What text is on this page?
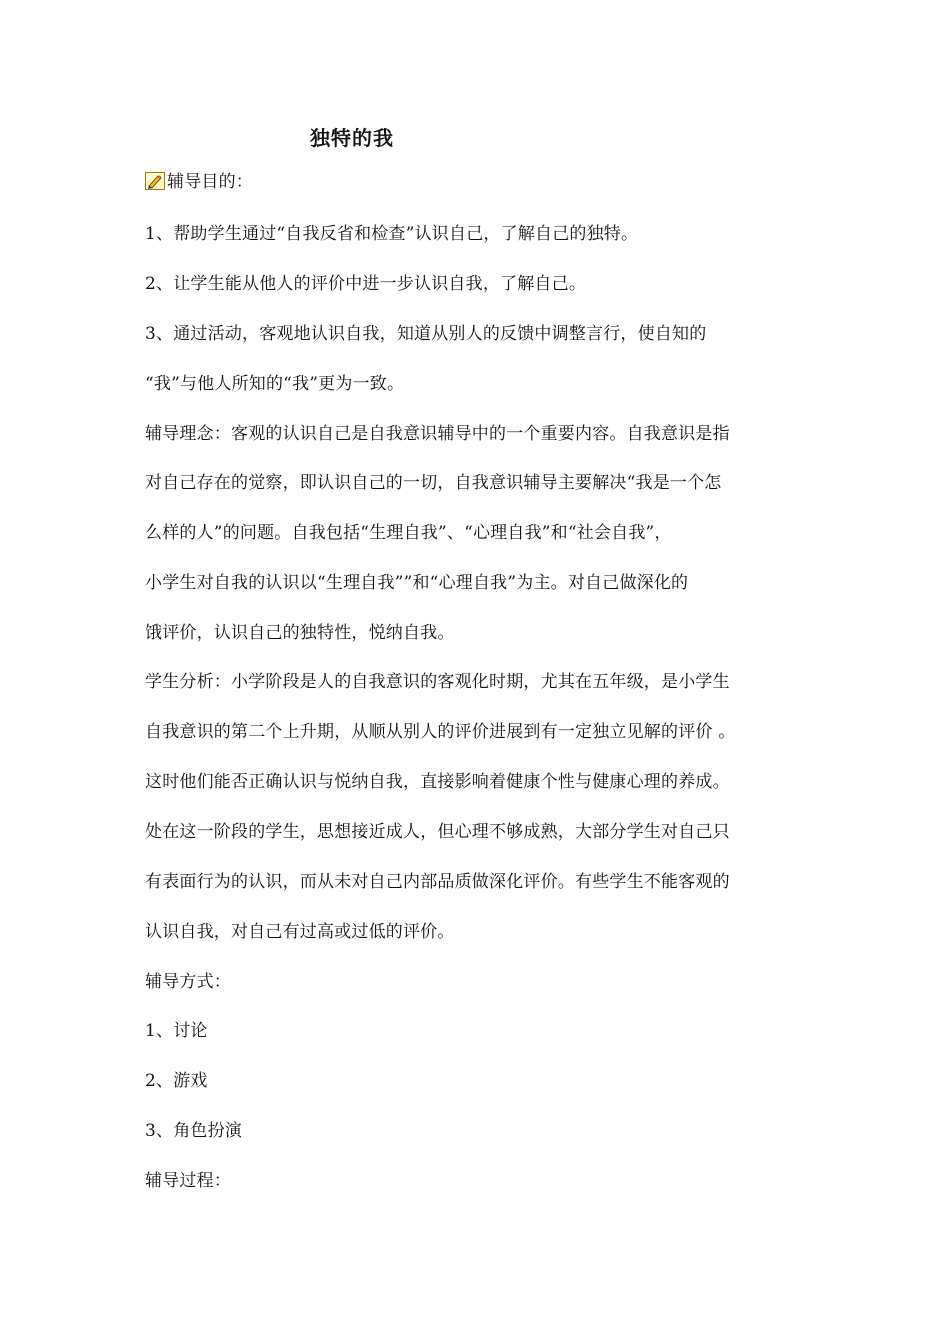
独特的我
辅导目的：
1、帮助学生通过“自我反省和检查”认识自己，了解自己的独特。
2、让学生能从他人的评价中进一步认识自我，了解自己。
3、通过活动，客观地认识自我，知道从别人的反馈中调整言行，使自知的
“我”与他人所知的“我”更为一致。
辅导理念：客观的认识自己是自我意识辅导中的一个重要内容。自我意识是指
对自己存在的觉察，即认识自己的一切，自我意识辅导主要解决“我是一个怎
么样的人”的问题。自我包括“生理自我”、“心理自我”和“社会自我”，
小学生对自我的认识以“生理自我””和“心理自我”为主。对自己做深化的
饿评价，认识自己的独特性，悦纳自我。
学生分析：小学阶段是人的自我意识的客观化时期，尤其在五年级，是小学生
自我意识的第二个上升期，从顺从别人的评价进展到有一定独立见解的评价 。
这时他们能否正确认识与悦纳自我，直接影响着健康个性与健康心理的养成。
处在这一阶段的学生，思想接近成人，但心理不够成熟，大部分学生对自己只
有表面行为的认识，而从未对自己内部品质做深化评价。有些学生不能客观的
认识自我，对自己有过高或过低的评价。
辅导方式：
1、讨论
2、游戏
3、角色扮演
辅导过程：
